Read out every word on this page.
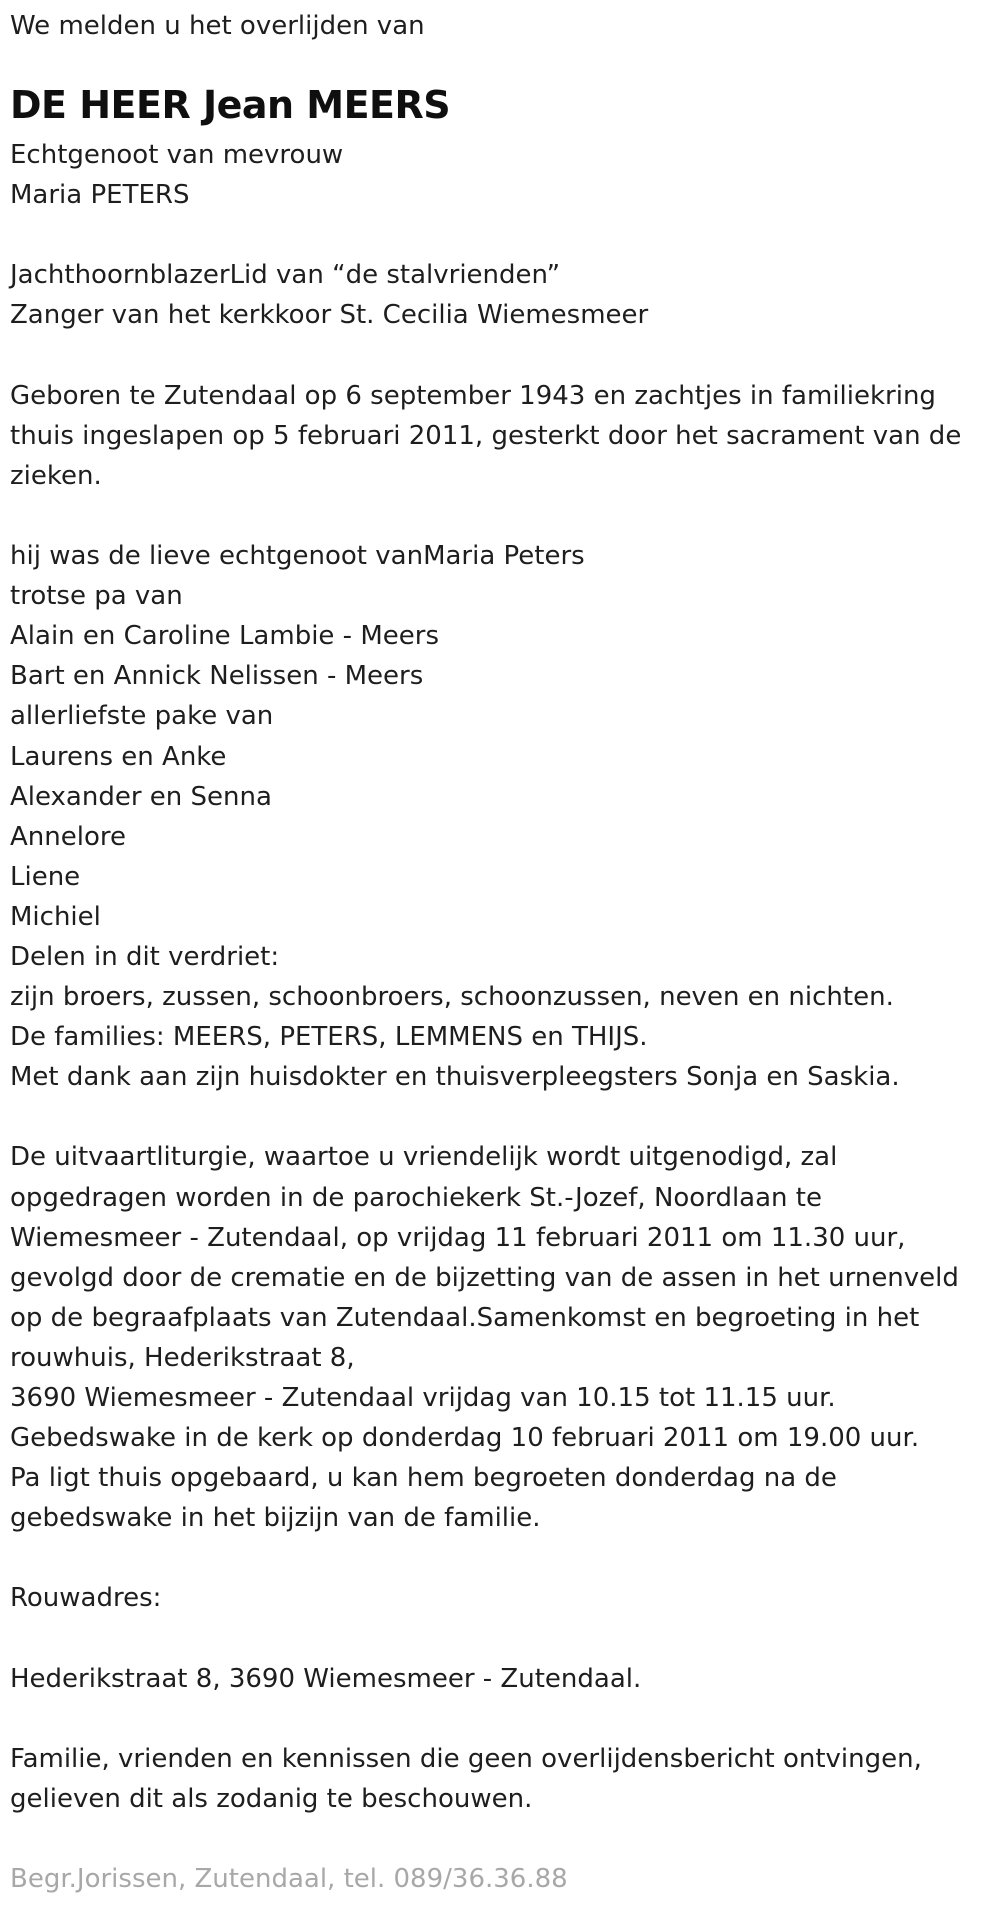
We melden u het overlijden van
DE HEER Jean MEERS
Echtgenoot van mevrouw
Maria PETERS
JachthoornblazerLid van “de stalvrienden”
Zanger van het kerkkoor St. Cecilia Wiemesmeer
Geboren te Zutendaal op 6 september 1943 en zachtjes in familiekring
thuis ingeslapen op 5 februari 2011, gesterkt door het sacrament van de
zieken.
hij was de lieve echtgenoot vanMaria Peters
trotse pa van
Alain en Caroline Lambie - Meers
Bart en Annick Nelissen - Meers
allerliefste pake van
Laurens en Anke
Alexander en Senna
Annelore
Liene
Michiel
Delen in dit verdriet:
zijn broers, zussen, schoonbroers, schoonzussen, neven en nichten.
De families: MEERS, PETERS, LEMMENS en THIJS.
Met dank aan zijn huisdokter en thuisverpleegsters Sonja en Saskia.
De uitvaartliturgie, waartoe u vriendelijk wordt uitgenodigd, zal
opgedragen worden in de parochiekerk St.-Jozef, Noordlaan te
Wiemesmeer - Zutendaal, op vrijdag 11 februari 2011 om 11.30 uur,
gevolgd door de crematie en de bijzetting van de assen in het urnenveld
op de begraafplaats van Zutendaal.Samenkomst en begroeting in het
rouwhuis, Hederikstraat 8,
3690 Wiemesmeer - Zutendaal vrijdag van 10.15 tot 11.15 uur.
Gebedswake in de kerk op donderdag 10 februari 2011 om 19.00 uur.
Pa ligt thuis opgebaard, u kan hem begroeten donderdag na de
gebedswake in het bijzijn van de familie.
Rouwadres:
Hederikstraat 8, 3690 Wiemesmeer - Zutendaal.
Familie, vrienden en kennissen die geen overlijdensbericht ontvingen,
gelieven dit als zodanig te beschouwen.
Begr.Jorissen, Zutendaal, tel. 089/36.36.88
